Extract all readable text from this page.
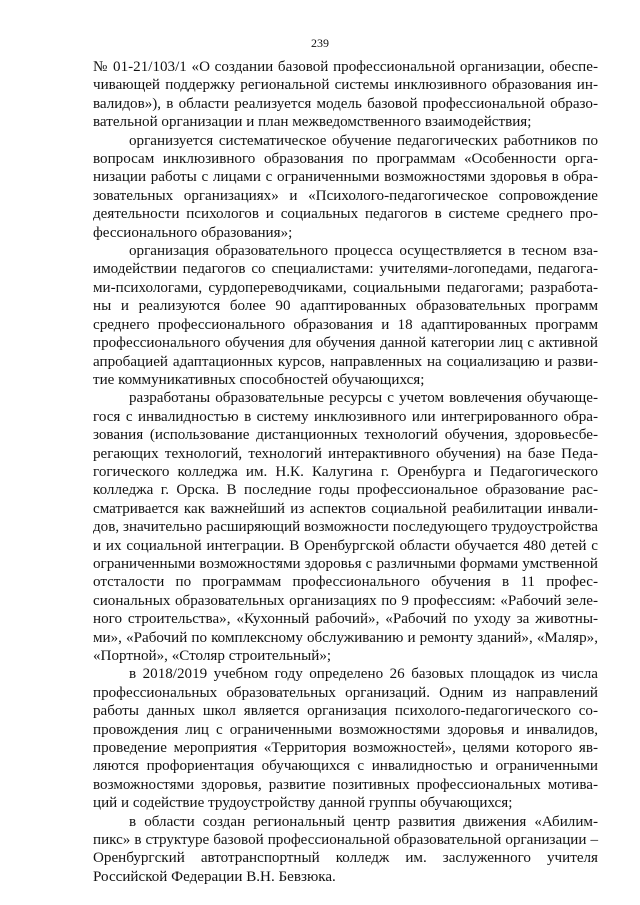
239

№ 01-21/103/1 «О создании базовой профессиональной организации, обеспечивающей поддержку региональной системы инклюзивного образования инвалидов»), в области реализуется модель базовой профессиональной образовательной организации и план межведомственного взаимодействия;

организуется систематическое обучение педагогических работников по вопросам инклюзивного образования по программам «Особенности организации работы с лицами с ограниченными возможностями здоровья в образовательных организациях» и «Психолого-педагогическое сопровождение деятельности психологов и социальных педагогов в системе среднего профессионального образования»;

организация образовательного процесса осуществляется в тесном взаимодействии педагогов со специалистами: учителями-логопедами, педагогами-психологами, сурдопереводчиками, социальными педагогами; разработаны и реализуются более 90 адаптированных образовательных программ среднего профессионального образования и 18 адаптированных программ профессионального обучения для обучения данной категории лиц с активной апробацией адаптационных курсов, направленных на социализацию и развитие коммуникативных способностей обучающихся;

разработаны образовательные ресурсы с учетом вовлечения обучающегося с инвалидностью в систему инклюзивного или интегрированного образования (использование дистанционных технологий обучения, здоровьесберегающих технологий, технологий интерактивного обучения) на базе Педагогического колледжа им. Н.К. Калугина г. Оренбурга и Педагогического колледжа г. Орска. В последние годы профессиональное образование рассматривается как важнейший из аспектов социальной реабилитации инвалидов, значительно расширяющий возможности последующего трудоустройства и их социальной интеграции. В Оренбургской области обучается 480 детей с ограниченными возможностями здоровья с различными формами умственной отсталости по программам профессионального обучения в 11 профессиональных образовательных организациях по 9 профессиям: «Рабочий зеленого строительства», «Кухонный рабочий», «Рабочий по уходу за животными», «Рабочий по комплексному обслуживанию и ремонту зданий», «Маляр», «Портной», «Столяр строительный»;

в 2018/2019 учебном году определено 26 базовых площадок из числа профессиональных образовательных организаций. Одним из направлений работы данных школ является организация психолого-педагогического сопровождения лиц с ограниченными возможностями здоровья и инвалидов, проведение мероприятия «Территория возможностей», целями которого являются профориентация обучающихся с инвалидностью и ограниченными возможностями здоровья, развитие позитивных профессиональных мотиваций и содействие трудоустройству данной группы обучающихся;

в области создан региональный центр развития движения «Абилимпикс» в структуре базовой профессиональной образовательной организации – Оренбургский автотранспортный колледж им. заслуженного учителя Российской Федерации В.Н. Бевзюка.
